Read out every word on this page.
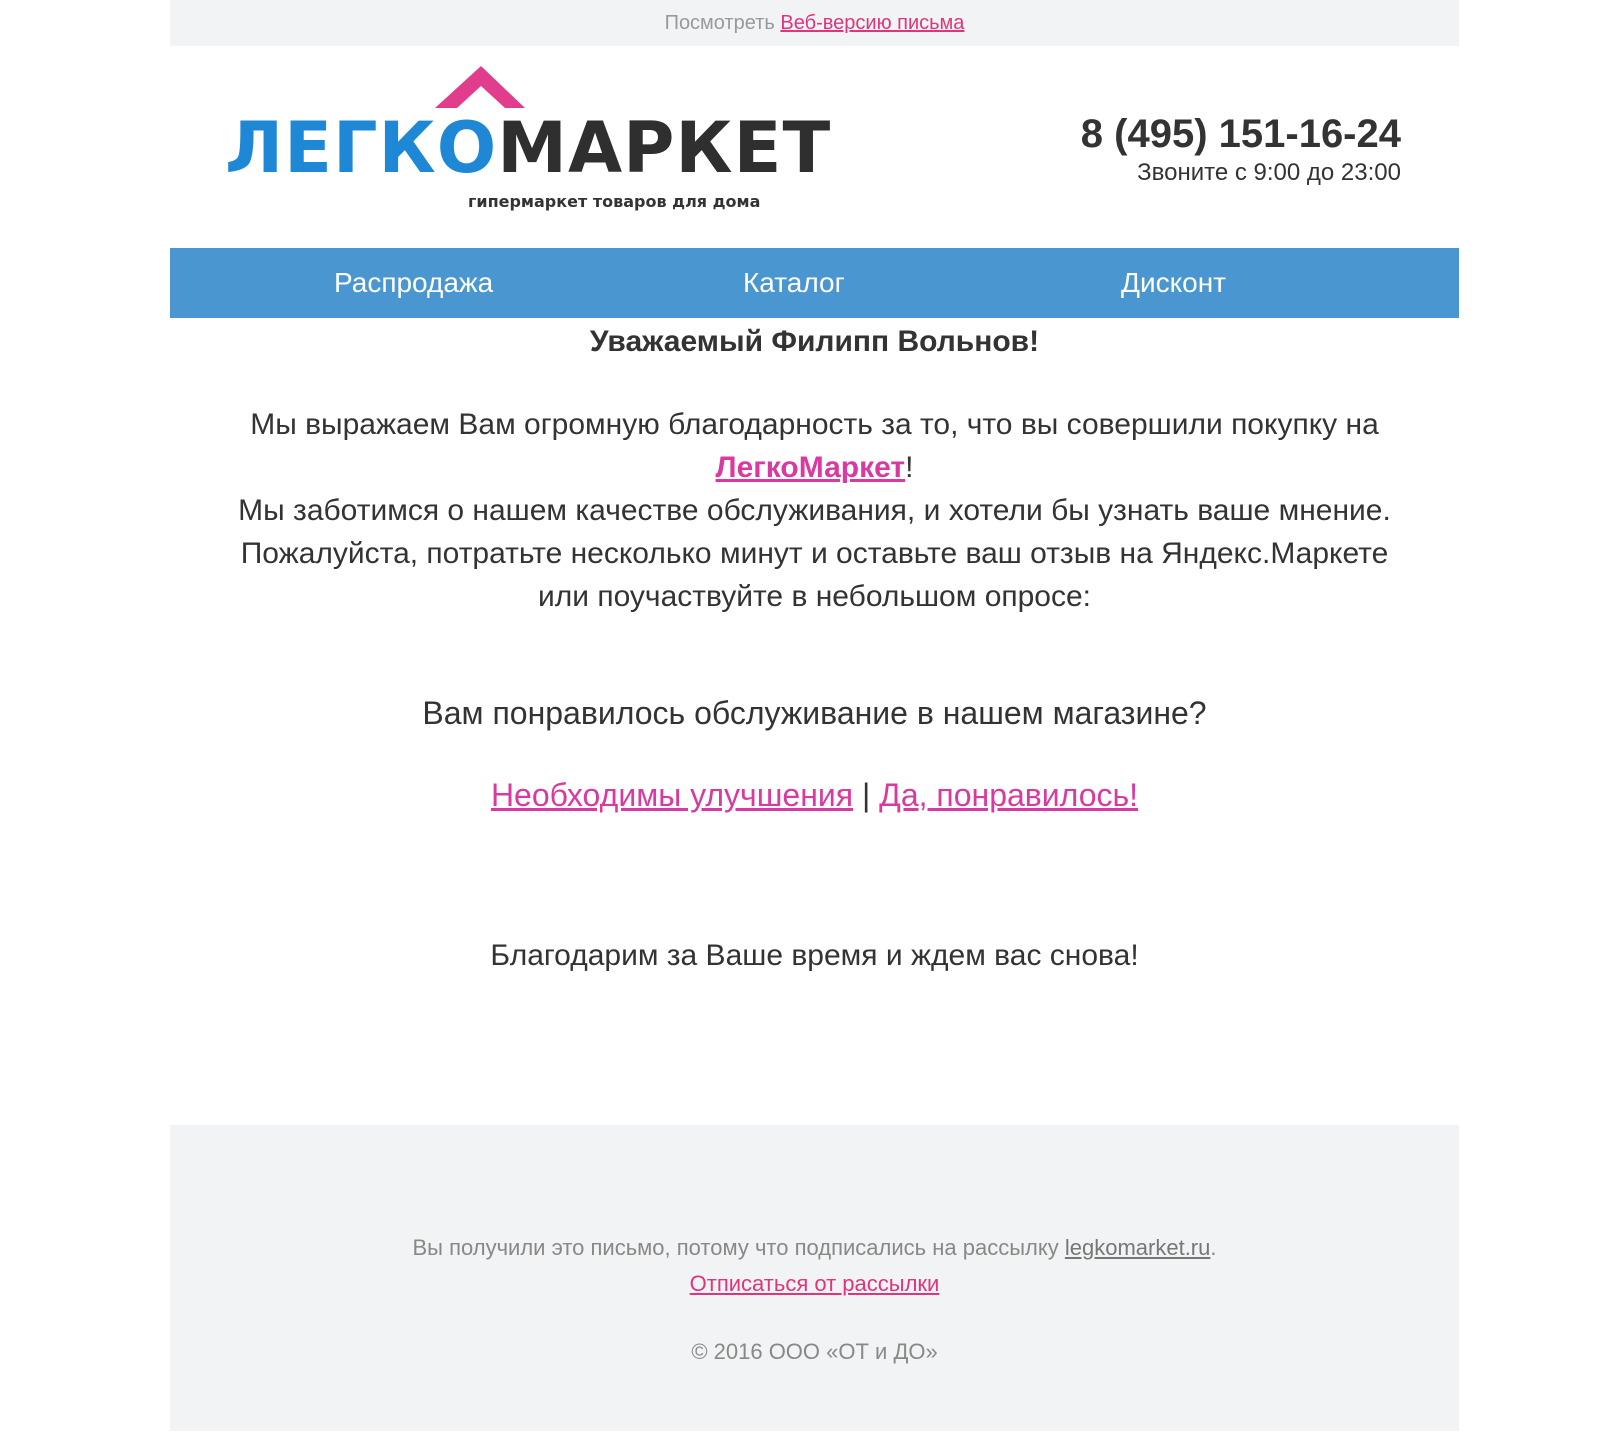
Посмотреть Веб-версию письма
ЛЕГКОМАРКЕТ
гипермаркет товаров для дома
8 (495) 151-16-24
Звоните с 9:00 до 23:00
Распродажа	Каталог	Дисконт
Уважаемый Филипп Вольнов!
Мы выражаем Вам огромную благодарность за то, что вы совершили покупку на
ЛегкоМаркет!
Мы заботимся о нашем качестве обслуживания, и хотели бы узнать ваше мнение.
Пожалуйста, потратьте несколько минут и оставьте ваш отзыв на Яндекс.Маркете
или поучаствуйте в небольшом опросе:
Вам понравилось обслуживание в нашем магазине?
Необходимы улучшения | Да, понравилось!
Благодарим за Ваше время и ждем вас снова!
Вы получили это письмо, потому что подписались на рассылку legkomarket.ru.
Отписаться от рассылки
© 2016 ООО «ОТ и ДО»
